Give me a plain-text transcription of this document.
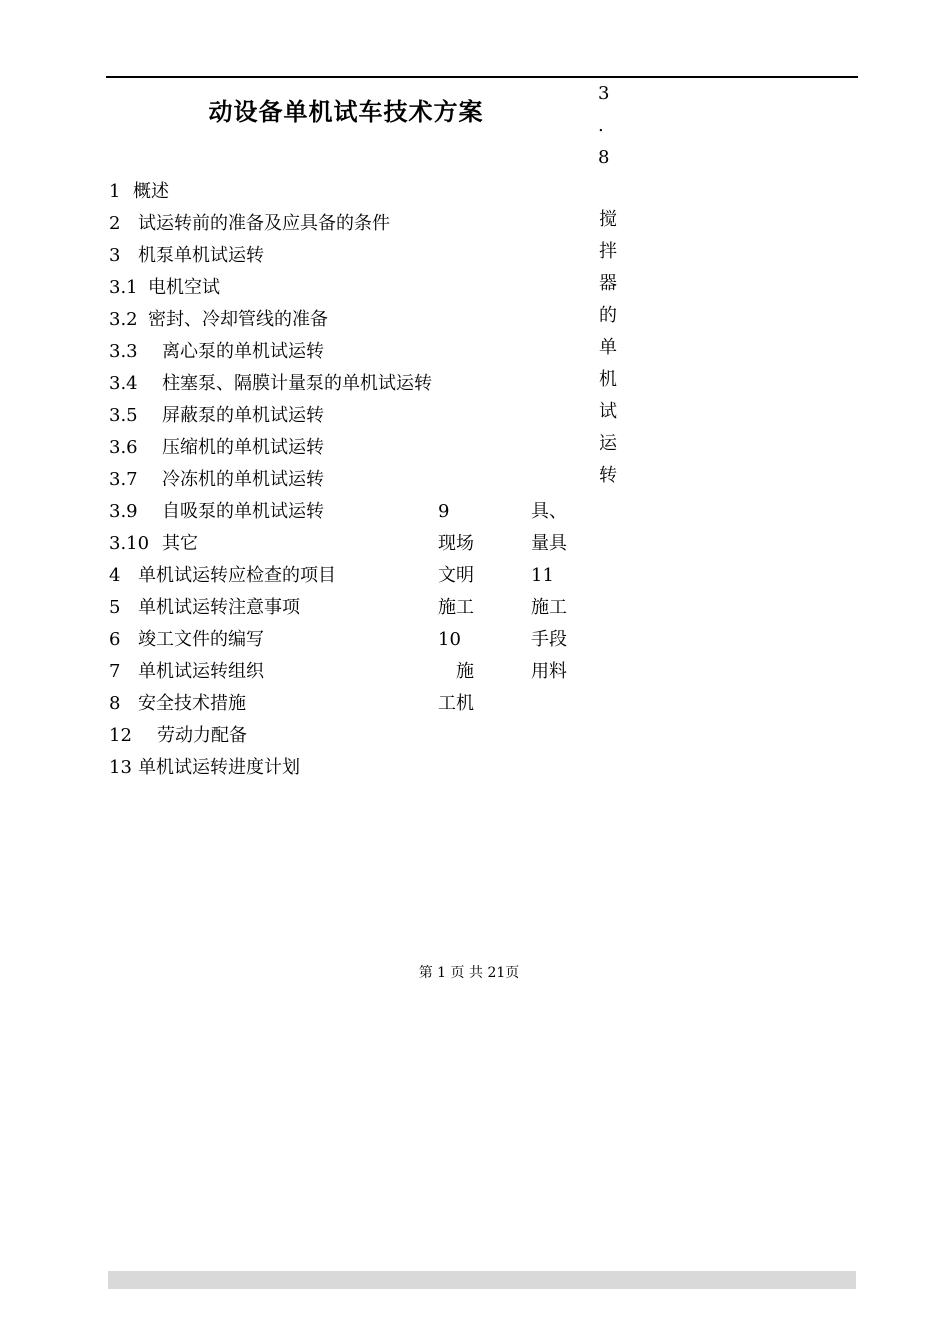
动设备单机试车技术方案
1 概述
2 试运转前的准备及应具备的条件
3 机泵单机试运转
3.1 电机空试
3.2 密封、冷却管线的准备
3.3 离心泵的单机试运转
3.4 柱塞泵、隔膜计量泵的单机试运转
3.5 屏蔽泵的单机试运转
3.6 压缩机的单机试运转
3.7 冷冻机的单机试运转
3.9 自吸泵的单机试运转
3.10 其它
4 单机试运转应检查的项目
5 单机试运转注意事项
6 竣工文件的编写
7 单机试运转组织
8 安全技术措施
12 劳动力配备
13 单机试运转进度计划
9
现场
文明
施工
10
施
工机
具、
量具
11
施工
手段
用料
3
.
8
搅
拌
器
的
单
机
试
运
转
第 1 页 共 21页
